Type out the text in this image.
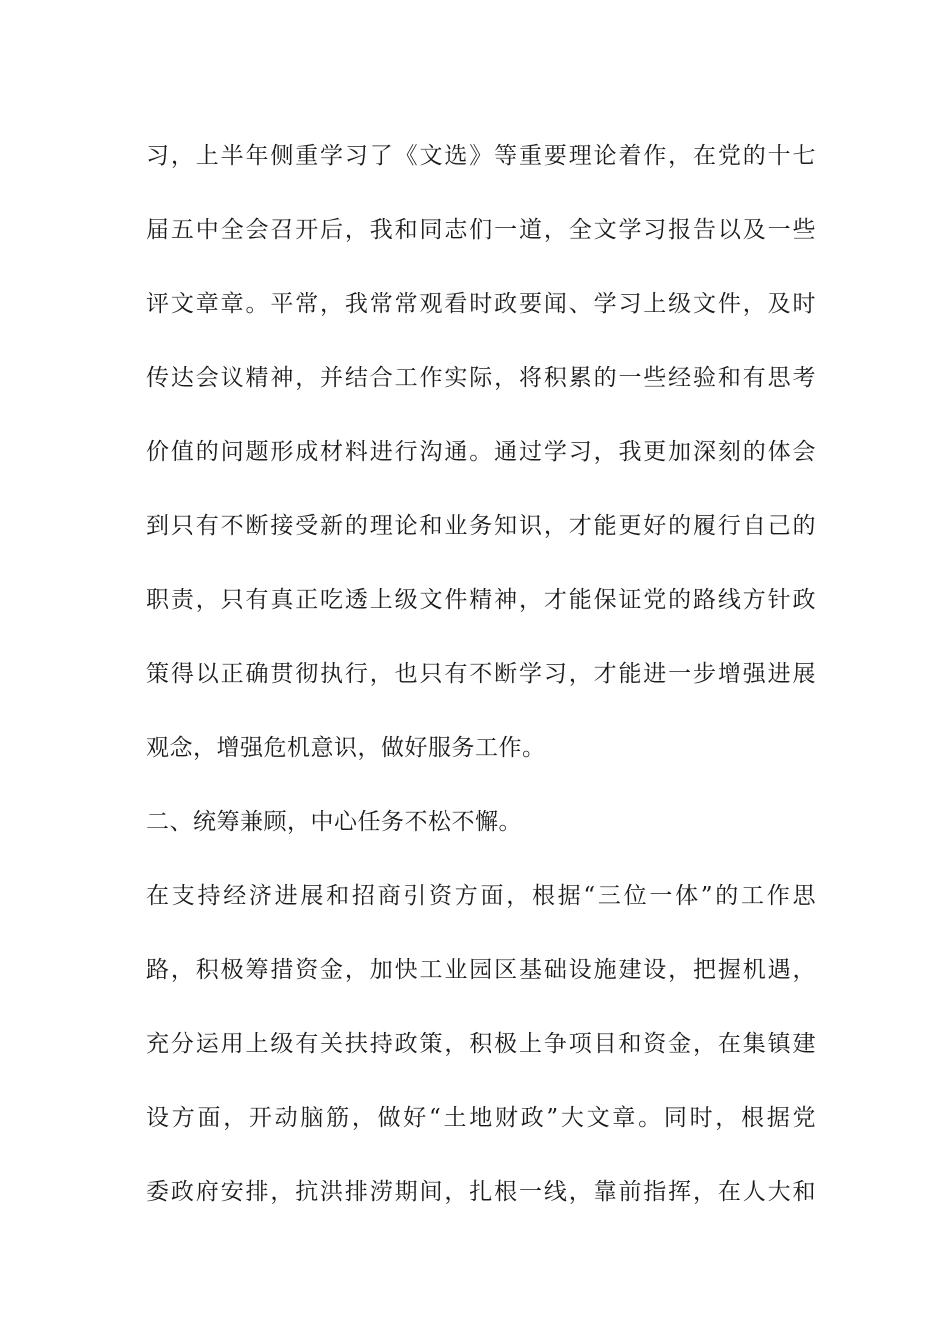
习，上半年侧重学习了《文选》等重要理论着作，在党的十七
届五中全会召开后，我和同志们一道，全文学习报告以及一些
评文章章。平常，我常常观看时政要闻、学习上级文件，及时
传达会议精神，并结合工作实际，将积累的一些经验和有思考
价值的问题形成材料进行沟通。通过学习，我更加深刻的体会
到只有不断接受新的理论和业务知识，才能更好的履行自己的
职责，只有真正吃透上级文件精神，才能保证党的路线方针政
策得以正确贯彻执行，也只有不断学习，才能进一步增强进展
观念，增强危机意识，做好服务工作。
二、统筹兼顾，中心任务不松不懈。
在支持经济进展和招商引资方面，根据“三位一体”的工作思
路，积极筹措资金，加快工业园区基础设施建设，把握机遇，
充分运用上级有关扶持政策，积极上争项目和资金，在集镇建
设方面，开动脑筋，做好“土地财政”大文章。同时，根据党
委政府安排，抗洪排涝期间，扎根一线，靠前指挥，在人大和
